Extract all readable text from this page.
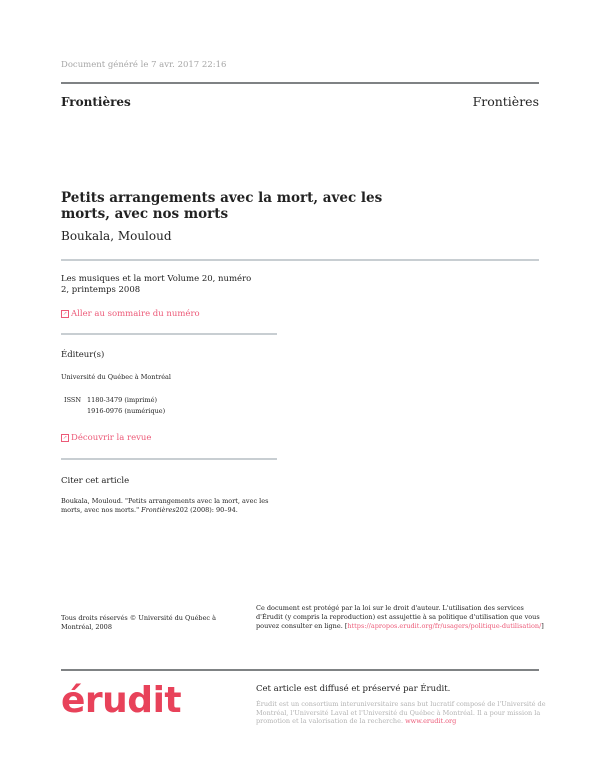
Document généré le 7 avr. 2017 22:16
Frontières	Frontières
Petits arrangements avec la mort, avec les morts, avec nos morts
Boukala, Mouloud
Les musiques et la mort Volume 20, numéro 2, printemps 2008
↗ Aller au sommaire du numéro
Éditeur(s)
Université du Québec à Montréal
ISSN 1180-3479 (imprimé)
1916-0976 (numérique)
↗ Découvrir la revue
Citer cet article
Boukala, Mouloud. "Petits arrangements avec la mort, avec les morts, avec nos morts." Frontières202 (2008): 90–94.
Tous droits réservés © Université du Québec à Montréal, 2008
Ce document est protégé par la loi sur le droit d'auteur. L'utilisation des services d'Érudit (y compris la reproduction) est assujettie à sa politique d'utilisation que vous pouvez consulter en ligne. [https://apropos.erudit.org/fr/usagers/politique-dutilisation/]
érudit	Cet article est diffusé et préservé par Érudit.
Érudit est un consortium interuniversitaire sans but lucratif composé de l'Université de Montréal, l'Université Laval et l'Université du Québec à Montréal. Il a pour mission la promotion et la valorisation de la recherche. www.erudit.org
